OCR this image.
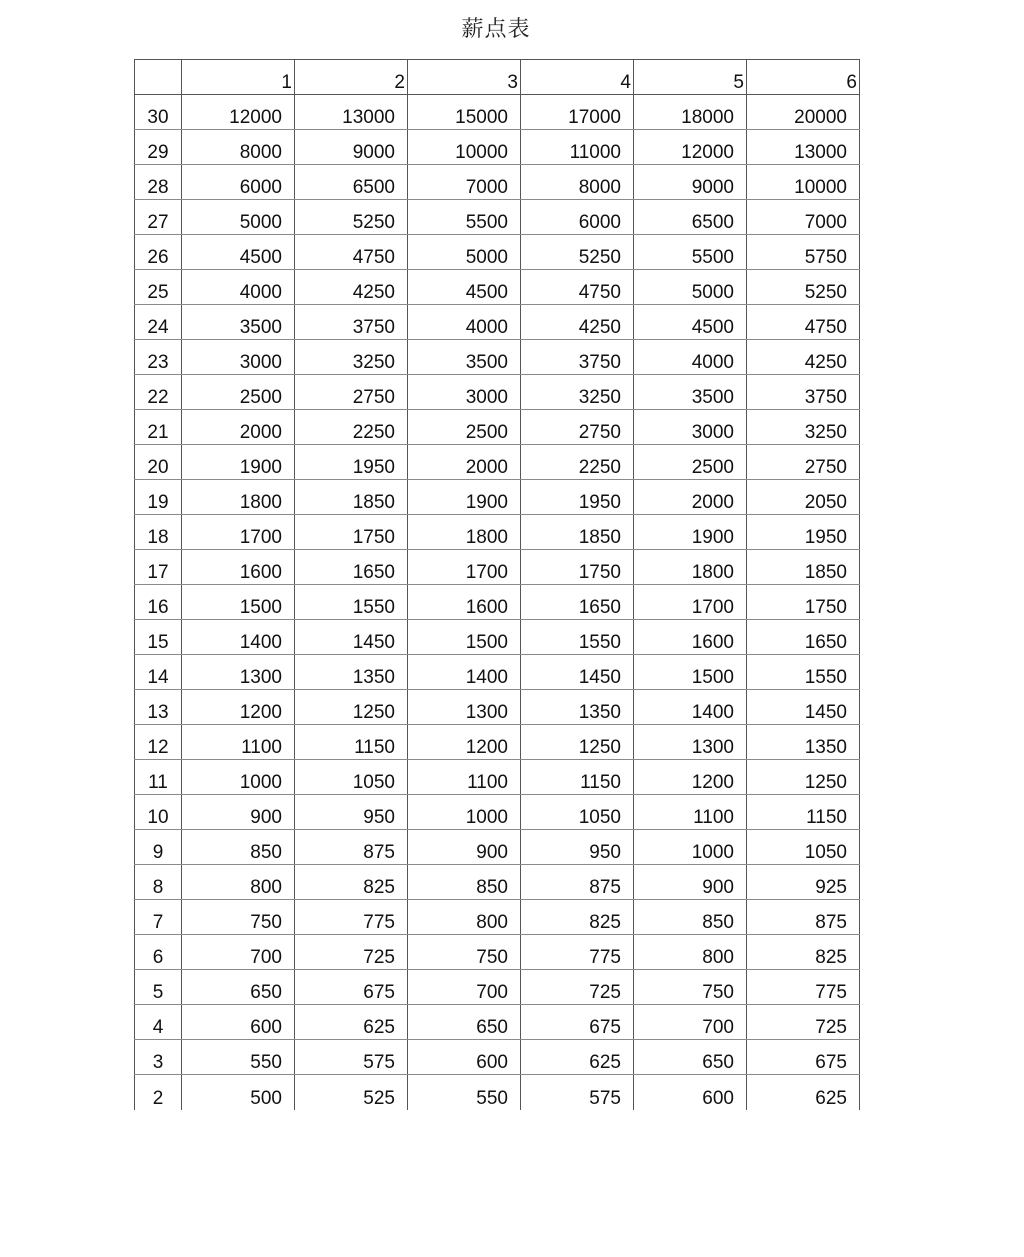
薪点表
	1	2	3	4	5	6
30	12000	13000	15000	17000	18000	20000
29	8000	9000	10000	11000	12000	13000
28	6000	6500	7000	8000	9000	10000
27	5000	5250	5500	6000	6500	7000
26	4500	4750	5000	5250	5500	5750
25	4000	4250	4500	4750	5000	5250
24	3500	3750	4000	4250	4500	4750
23	3000	3250	3500	3750	4000	4250
22	2500	2750	3000	3250	3500	3750
21	2000	2250	2500	2750	3000	3250
20	1900	1950	2000	2250	2500	2750
19	1800	1850	1900	1950	2000	2050
18	1700	1750	1800	1850	1900	1950
17	1600	1650	1700	1750	1800	1850
16	1500	1550	1600	1650	1700	1750
15	1400	1450	1500	1550	1600	1650
14	1300	1350	1400	1450	1500	1550
13	1200	1250	1300	1350	1400	1450
12	1100	1150	1200	1250	1300	1350
11	1000	1050	1100	1150	1200	1250
10	900	950	1000	1050	1100	1150
9	850	875	900	950	1000	1050
8	800	825	850	875	900	925
7	750	775	800	825	850	875
6	700	725	750	775	800	825
5	650	675	700	725	750	775
4	600	625	650	675	700	725
3	550	575	600	625	650	675
2	500	525	550	575	600	625
